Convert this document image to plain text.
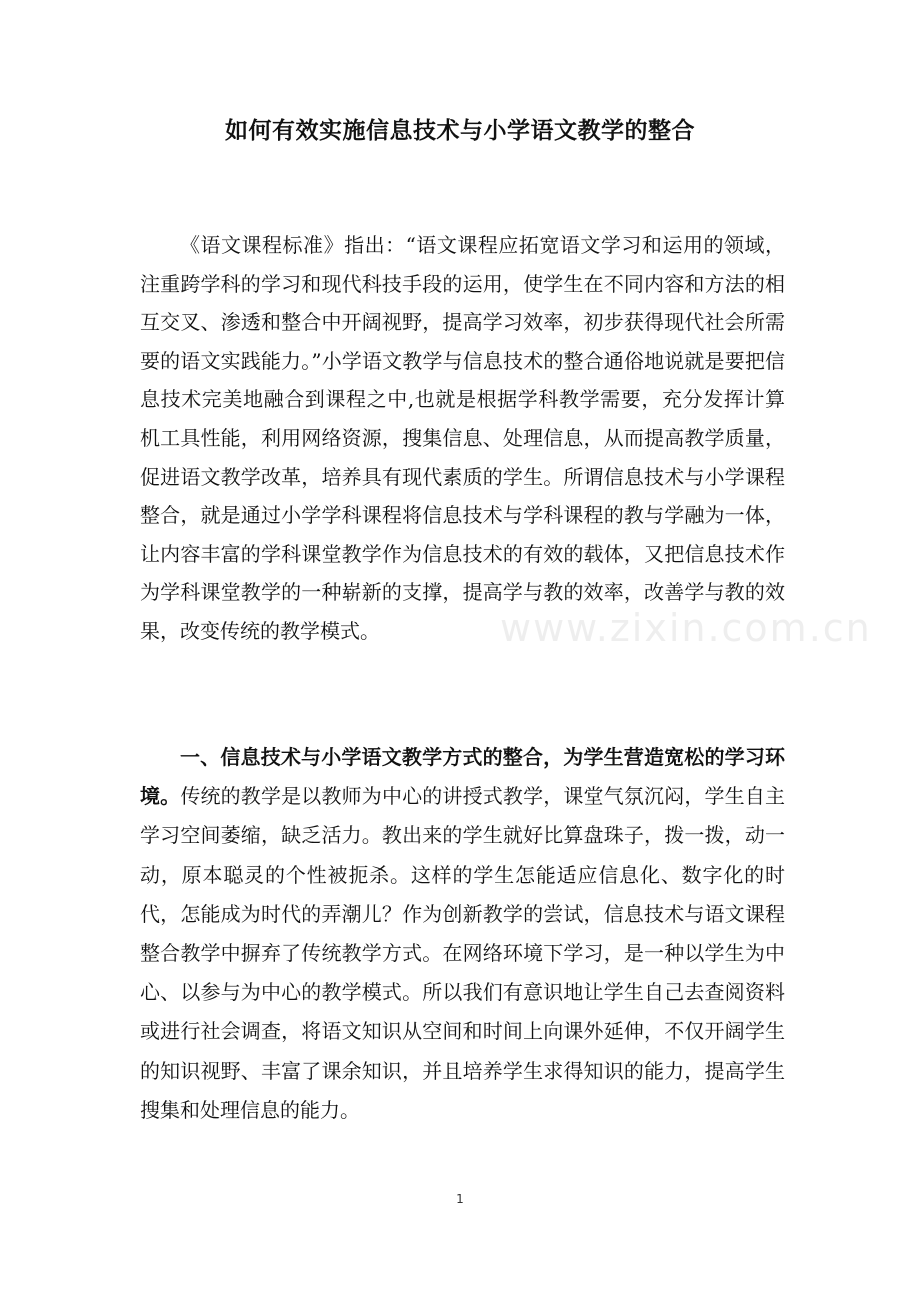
www.zixin.com.cn
如何有效实施信息技术与小学语文教学的整合
《语文课程标准》指出：“语文课程应拓宽语文学习和运用的领域，注重跨学科的学习和现代科技手段的运用，使学生在不同内容和方法的相互交叉、渗透和整合中开阔视野，提高学习效率，初步获得现代社会所需要的语文实践能力。”小学语文教学与信息技术的整合通俗地说就是要把信息技术完美地融合到课程之中,也就是根据学科教学需要，充分发挥计算机工具性能，利用网络资源，搜集信息、处理信息，从而提高教学质量，促进语文教学改革，培养具有现代素质的学生。所谓信息技术与小学课程整合，就是通过小学学科课程将信息技术与学科课程的教与学融为一体，让内容丰富的学科课堂教学作为信息技术的有效的载体，又把信息技术作为学科课堂教学的一种崭新的支撑，提高学与教的效率，改善学与教的效果，改变传统的教学模式。
一、信息技术与小学语文教学方式的整合，为学生营造宽松的学习环境。传统的教学是以教师为中心的讲授式教学，课堂气氛沉闷，学生自主学习空间萎缩，缺乏活力。教出来的学生就好比算盘珠子，拨一拨，动一动，原本聪灵的个性被扼杀。这样的学生怎能适应信息化、数字化的时代，怎能成为时代的弄潮儿？作为创新教学的尝试，信息技术与语文课程整合教学中摒弃了传统教学方式。在网络环境下学习，是一种以学生为中心、以参与为中心的教学模式。所以我们有意识地让学生自己去查阅资料或进行社会调查，将语文知识从空间和时间上向课外延伸，不仅开阔学生的知识视野、丰富了课余知识，并且培养学生求得知识的能力，提高学生搜集和处理信息的能力。
1
